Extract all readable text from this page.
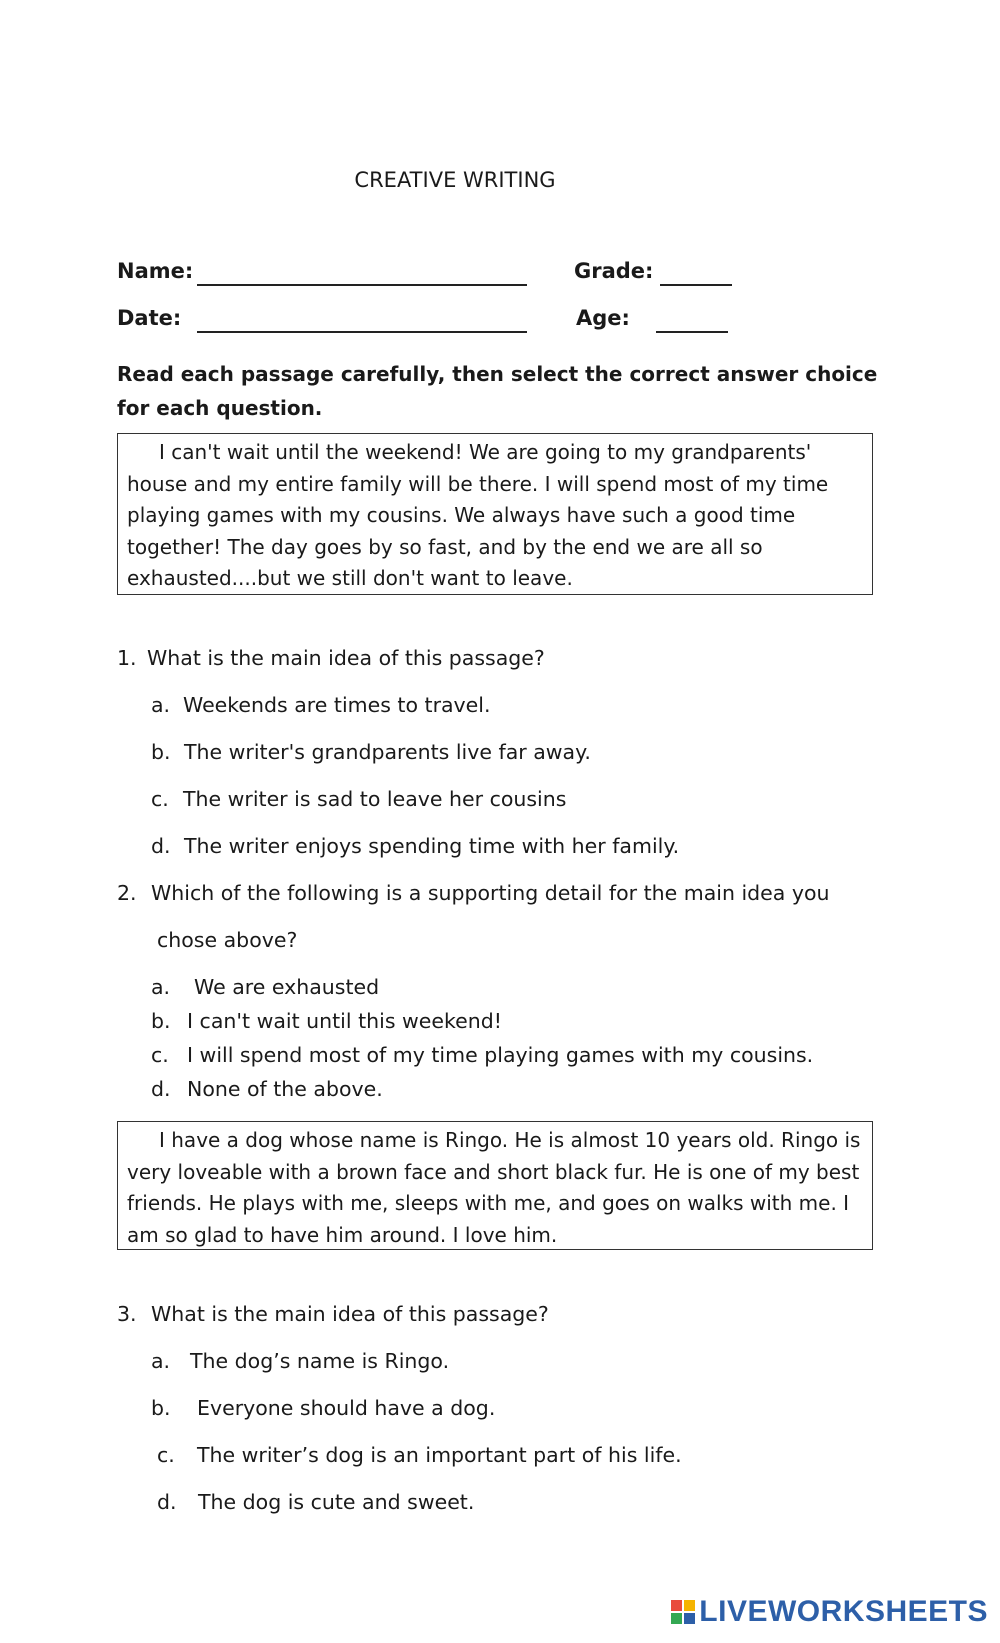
CREATIVE WRITING
Name:	Grade:
Date:	Age:
Read each passage carefully, then select the correct answer choice for each question.

I can't wait until the weekend! We are going to my grandparents' house and my entire family will be there. I will spend most of my time playing games with my cousins. We always have such a good time together! The day goes by so fast, and by the end we are all so exhausted....but we still don't want to leave.

1. What is the main idea of this passage?
a. Weekends are times to travel.
b. The writer's grandparents live far away.
c. The writer is sad to leave her cousins
d. The writer enjoys spending time with her family.
2. Which of the following is a supporting detail for the main idea you
chose above?
a. We are exhausted
b. I can't wait until this weekend!
c. I will spend most of my time playing games with my cousins.
d. None of the above.

I have a dog whose name is Ringo. He is almost 10 years old. Ringo is very loveable with a brown face and short black fur. He is one of my best friends. He plays with me, sleeps with me, and goes on walks with me. I am so glad to have him around. I love him.

3. What is the main idea of this passage?
a. The dog’s name is Ringo.
b. Everyone should have a dog.
c. The writer’s dog is an important part of his life.
d. The dog is cute and sweet.
LIVEWORKSHEETS
